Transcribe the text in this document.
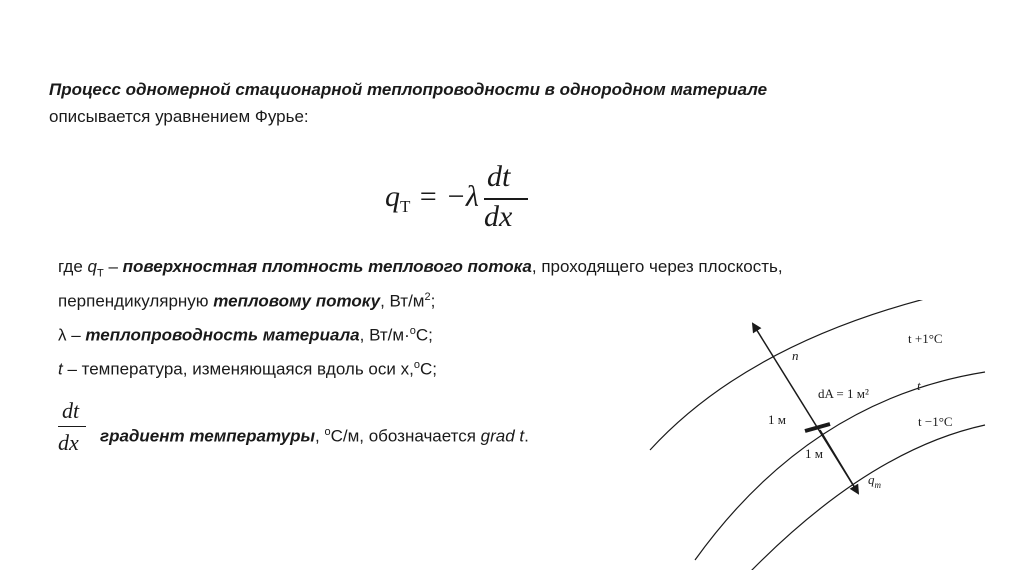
Процесс одномерной стационарной теплопроводности в однородном материале
описывается уравнением Фурье:
$q_Т = -\lambda$
dt
dx
где $q_Т$ – поверхностная плотность теплового потока, проходящего через плоскость,
перпендикулярную тепловому потоку, $Вт/м^2$;
λ – теплопроводность материала, Вт/м·$^o$C;
t – температура, изменяющаяся вдоль оси х,$^o$C;
dt
dx градиент температуры, $^o$С/м, обозначается grad t.
t +1°C
t
t −1°C
n
dA = 1 м²
1 м
1 м
$q_т$
